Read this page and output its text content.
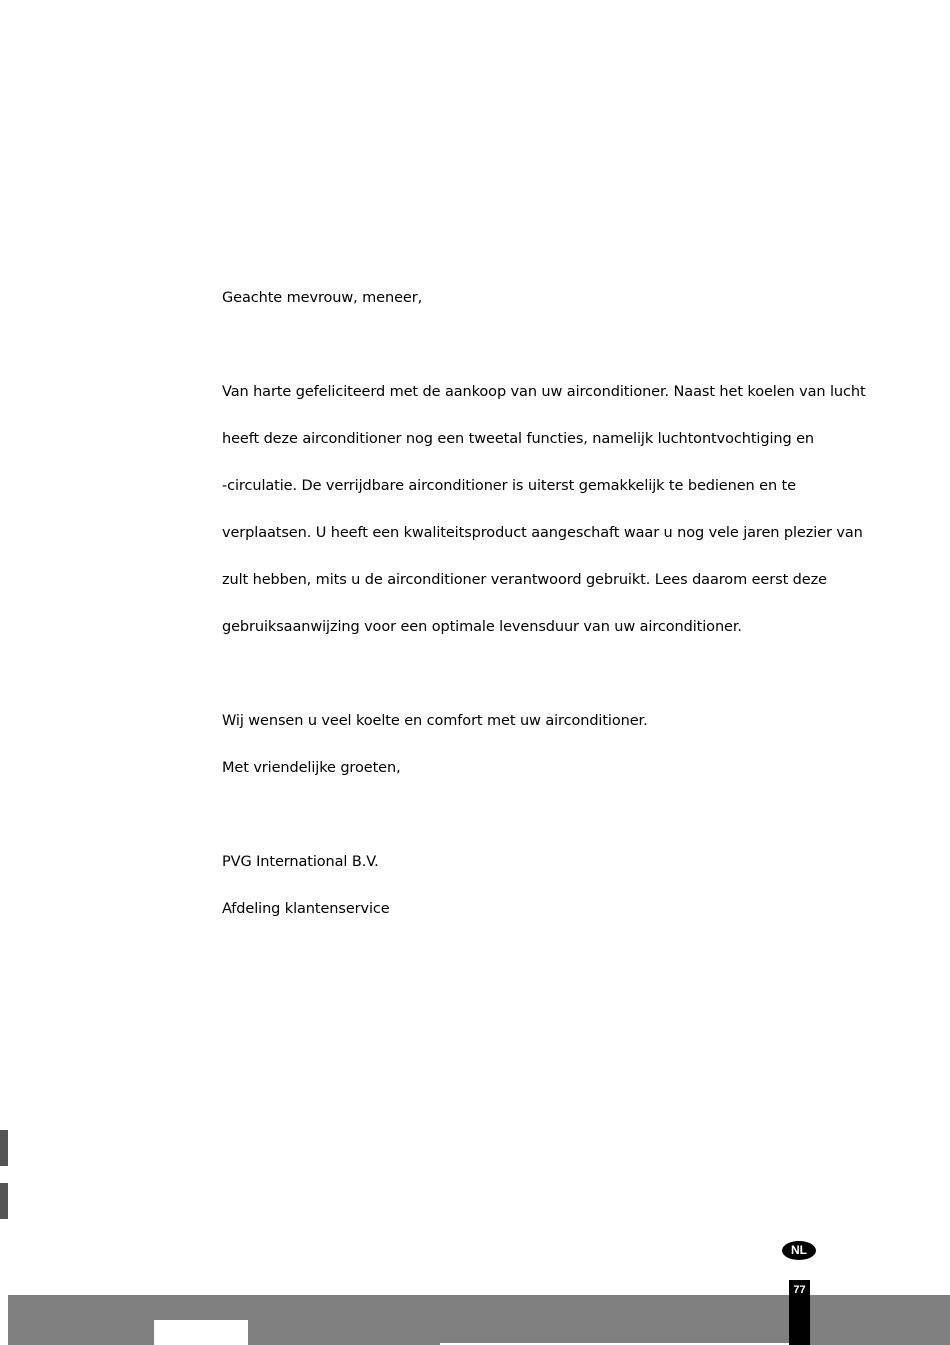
Geachte mevrouw, meneer,
Van harte gefeliciteerd met de aankoop van uw airconditioner. Naast het koelen van lucht
heeft deze airconditioner nog een tweetal functies, namelijk luchtontvochtiging en
-circulatie. De verrijdbare airconditioner is uiterst gemakkelijk te bedienen en te
verplaatsen. U heeft een kwaliteitsproduct aangeschaft waar u nog vele jaren plezier van
zult hebben, mits u de airconditioner verantwoord gebruikt. Lees daarom eerst deze
gebruiksaanwijzing voor een optimale levensduur van uw airconditioner.
Wij wensen u veel koelte en comfort met uw airconditioner.
Met vriendelijke groeten,
PVG International B.V.
Afdeling klantenservice
NL
77
